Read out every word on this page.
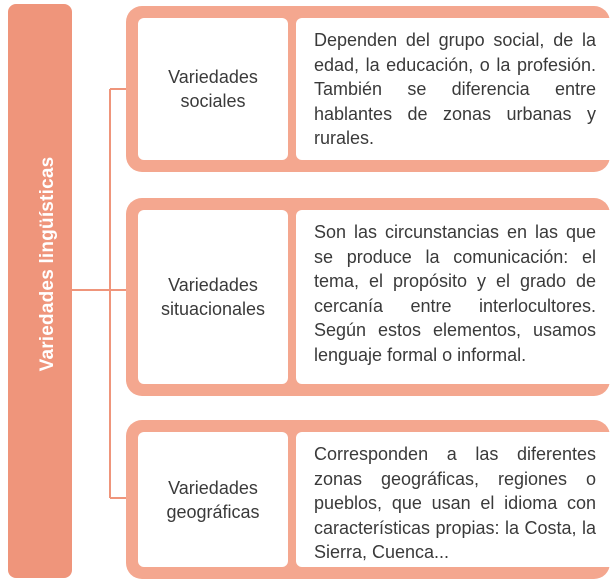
Variedades lingüísticas
Variedades
sociales
Dependen del grupo social, de la edad, la educación, o la profesión. También se diferencia entre hablantes de zonas urbanas y rurales.
Variedades
situacionales
Son las circunstancias en las que se produce la comunicación: el tema, el propósito y el grado de cercanía entre interlocultores. Según estos elementos, usamos lenguaje formal o informal.
Variedades
geográficas
Corresponden a las diferentes zonas geográficas, regiones o pueblos, que usan el idioma con características propias: la Costa, la Sierra, Cuenca...
